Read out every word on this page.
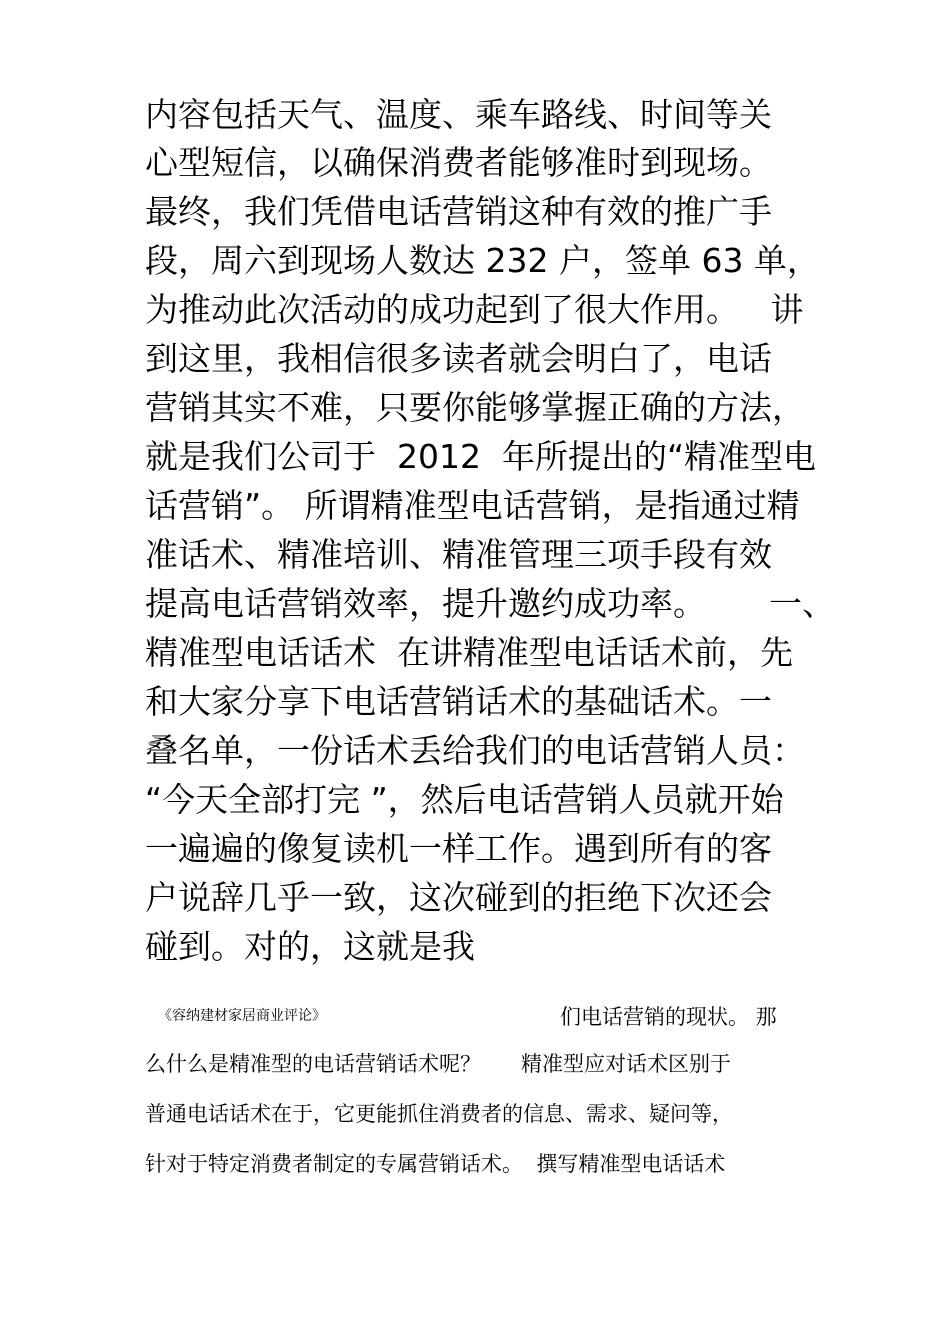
内容包括天气、温度、乘车路线、时间等关
心型短信，以确保消费者能够准时到现场。
最终，我们凭借电话营销这种有效的推广手
段，周六到现场人数达 232 户，签单 63 单，
为推动此次活动的成功起到了很大作用。   讲
到这里，我相信很多读者就会明白了，电话
营销其实不难，只要你能够掌握正确的方法，
就是我们公司于  2012  年所提出的“精准型电
话营销”。 所谓精准型电话营销，是指通过精
准话术、精准培训、精准管理三项手段有效
提高电话营销效率，提升邀约成功率。      一、
精准型电话话术  在讲精准型电话话术前，先
和大家分享下电话营销话术的基础话术。一
叠名单，一份话术丢给我们的电话营销人员：
“今天全部打完 ”，然后电话营销人员就开始
一遍遍的像复读机一样工作。遇到所有的客
户说辞几乎一致，这次碰到的拒绝下次还会
碰到。对的，这就是我
《容纳建材家居商业评论》	们电话营销的现状。 那
么什么是精准型的电话营销话术呢？      精准型应对话术区别于
普通电话话术在于，它更能抓住消费者的信息、需求、疑问等，
针对于特定消费者制定的专属营销话术。  撰写精准型电话话术
